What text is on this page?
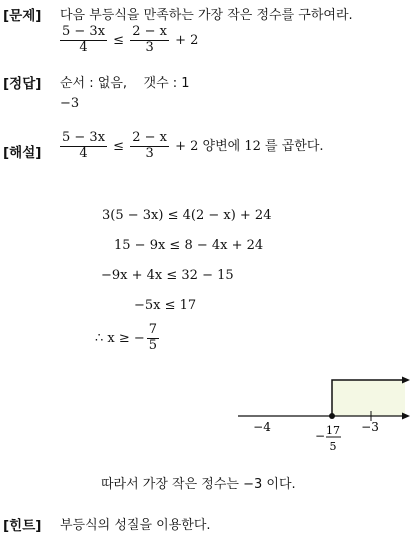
[문제] 다음 부등식을 만족하는 가장 작은 정수를 구하여라.
$\frac{5 - 3x}{4} \le \frac{2 - x}{3} + 2$
[정답] 순서 : 없음,    갯수 : 1
−3
[해설] $\frac{5 - 3x}{4} \le \frac{2 - x}{3} + 2$ 양변에 12 를 곱한다.
3(5 − 3x) ≤ 4(2 − x) + 24
15 − 9x ≤ 8 − 4x + 24
−9x + 4x ≤ 32 − 15
−5x ≤ 17
∴ x ≥ − $\frac{7}{5}$
−4	−3
− 17
5
따라서 가장 작은 정수는 −3 이다.
[힌트] 부등식의 성질을 이용한다.
